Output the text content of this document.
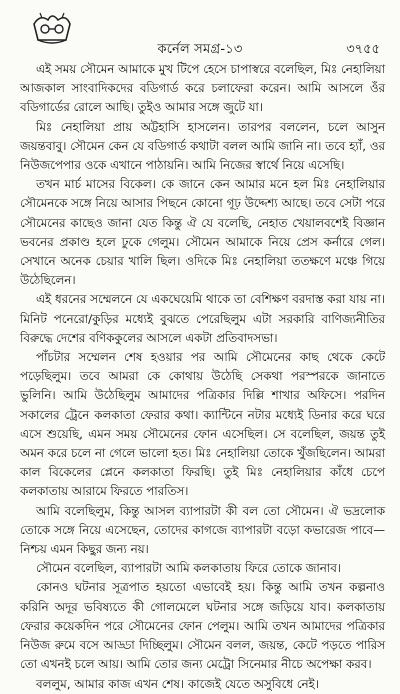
কর্নেল সমগ্র-১৩	৩৭৫৫

এই সময় সৌমেন আমাকে মুখ টিপে হেসে চাপাস্বরে বলেছিল, মিঃ নেহালিয়া আজকাল সাংবাদিকদের বডিগার্ড করে চলাফেরা করেন। আমি আসলে ওঁর বডিগার্ডের রোলে আছি। তুইও আমার সঙ্গে জুটে যা।

মিঃ নেহালিয়া প্রায় অট্টহাসি হাসলেন। তারপর বললেন, চলে আসুন জয়ন্তবাবু। সৌমেন কেন যে বডিগার্ড কথাটা বলল আমি জানি না। তবে হ্যাঁ, ওর নিউজপেপার ওকে এখানে পাঠায়নি। আমি নিজের স্বার্থে নিয়ে এসেছি।

তখন মার্চ মাসের বিকেল। কে জানে কেন আমার মনে হল মিঃ নেহালিয়ার সৌমেনকে সঙ্গে নিয়ে আসার পিছনে কোনো গূঢ় উদ্দেশ্য আছে। তবে সেটা পরে সৌমেনের কাছেও জানা যেত কিন্তু ঐ যে বলেছি, নেহাত খেয়ালবশেই বিজ্ঞান ভবনের প্রকাণ্ড হলে ঢুকে গেলুম। সৌমেন আমাকে নিয়ে প্রেস কর্নারে গেল। সেখানে অনেক চেয়ার খালি ছিল। ওদিকে মিঃ নেহালিয়া ততক্ষণে মঞ্চে গিয়ে উঠেছিলেন।

এই ধরনের সম্মেলনে যে একঘেয়েমি থাকে তা বেশিক্ষণ বরদাস্ত করা যায় না। মিনিট পনেরো/কুড়ির মধ্যেই বুঝতে পেরেছিলুম এটা সরকারি বাণিজ্যনীতির বিরুদ্ধে দেশের বণিককুলের আসলে একটা প্রতিবাদসভা।

পাঁচটার সম্মেলন শেষ হওয়ার পর আমি সৌমেনের কাছ থেকে কেটে পড়েছিলুম। তবে আমরা কে কোথায় উঠেছি সেকথা পরস্পরকে জানাতে ভুলিনি। আমি উঠেছিলুম আমাদের পত্রিকার দিল্লি শাখার অফিসে। পরদিন সকালের ট্রেনে কলকাতা ফেরার কথা। ক্যান্টিনে নটার মধ্যেই ডিনার করে ঘরে এসে শুয়েছি, এমন সময় সৌমেনের ফোন এসেছিল। সে বলেছিল, জয়ন্ত তুই অমন করে চলে না গেলে ভালো হত। মিঃ নেহালিয়া তোকে খুঁজছিলেন। আমরা কাল বিকেলের প্লেনে কলকাতা ফিরছি। তুই মিঃ নেহালিয়ার কাঁধে চেপে কলকাতায় আরামে ফিরতে পারতিস।

আমি বলেছিলুম, কিন্তু আসল ব্যাপারটা কী বল তো সৌমেন। ঐ ভদ্রলোক তোকে সঙ্গে নিয়ে এসেছেন, তোদের কাগজে ব্যাপারটা বড়ো কভারেজ পাবে—নিশ্চয় এমন কিছুর জন্য নয়।

সৌমেন বলেছিল, ব্যাপারটা আমি কলকাতায় ফিরে তোকে জানাব।

কোনও ঘটনার সূত্রপাত হয়তো এভাবেই হয়। কিন্তু আমি তখন কল্পনাও করিনি অদূর ভবিষ্যতে কী গোলমেলে ঘটনার সঙ্গে জড়িয়ে যাব। কলকাতায় ফেরার কয়েকদিন পরে সৌমেনের ফোন পেলুম। আমি তখন আমাদের পত্রিকার নিউজ রুমে বসে আড্ডা দিচ্ছিলুম। সৌমেন বলল, জয়ন্ত, কেটে পড়তে পারিস তো এখনই চলে আয়। আমি তোর জন্য মেট্রো সিনেমার নীচে অপেক্ষা করব।

বললুম, আমার কাজ এখন শেষ। কাজেই যেতে অসুবিধে নেই।
